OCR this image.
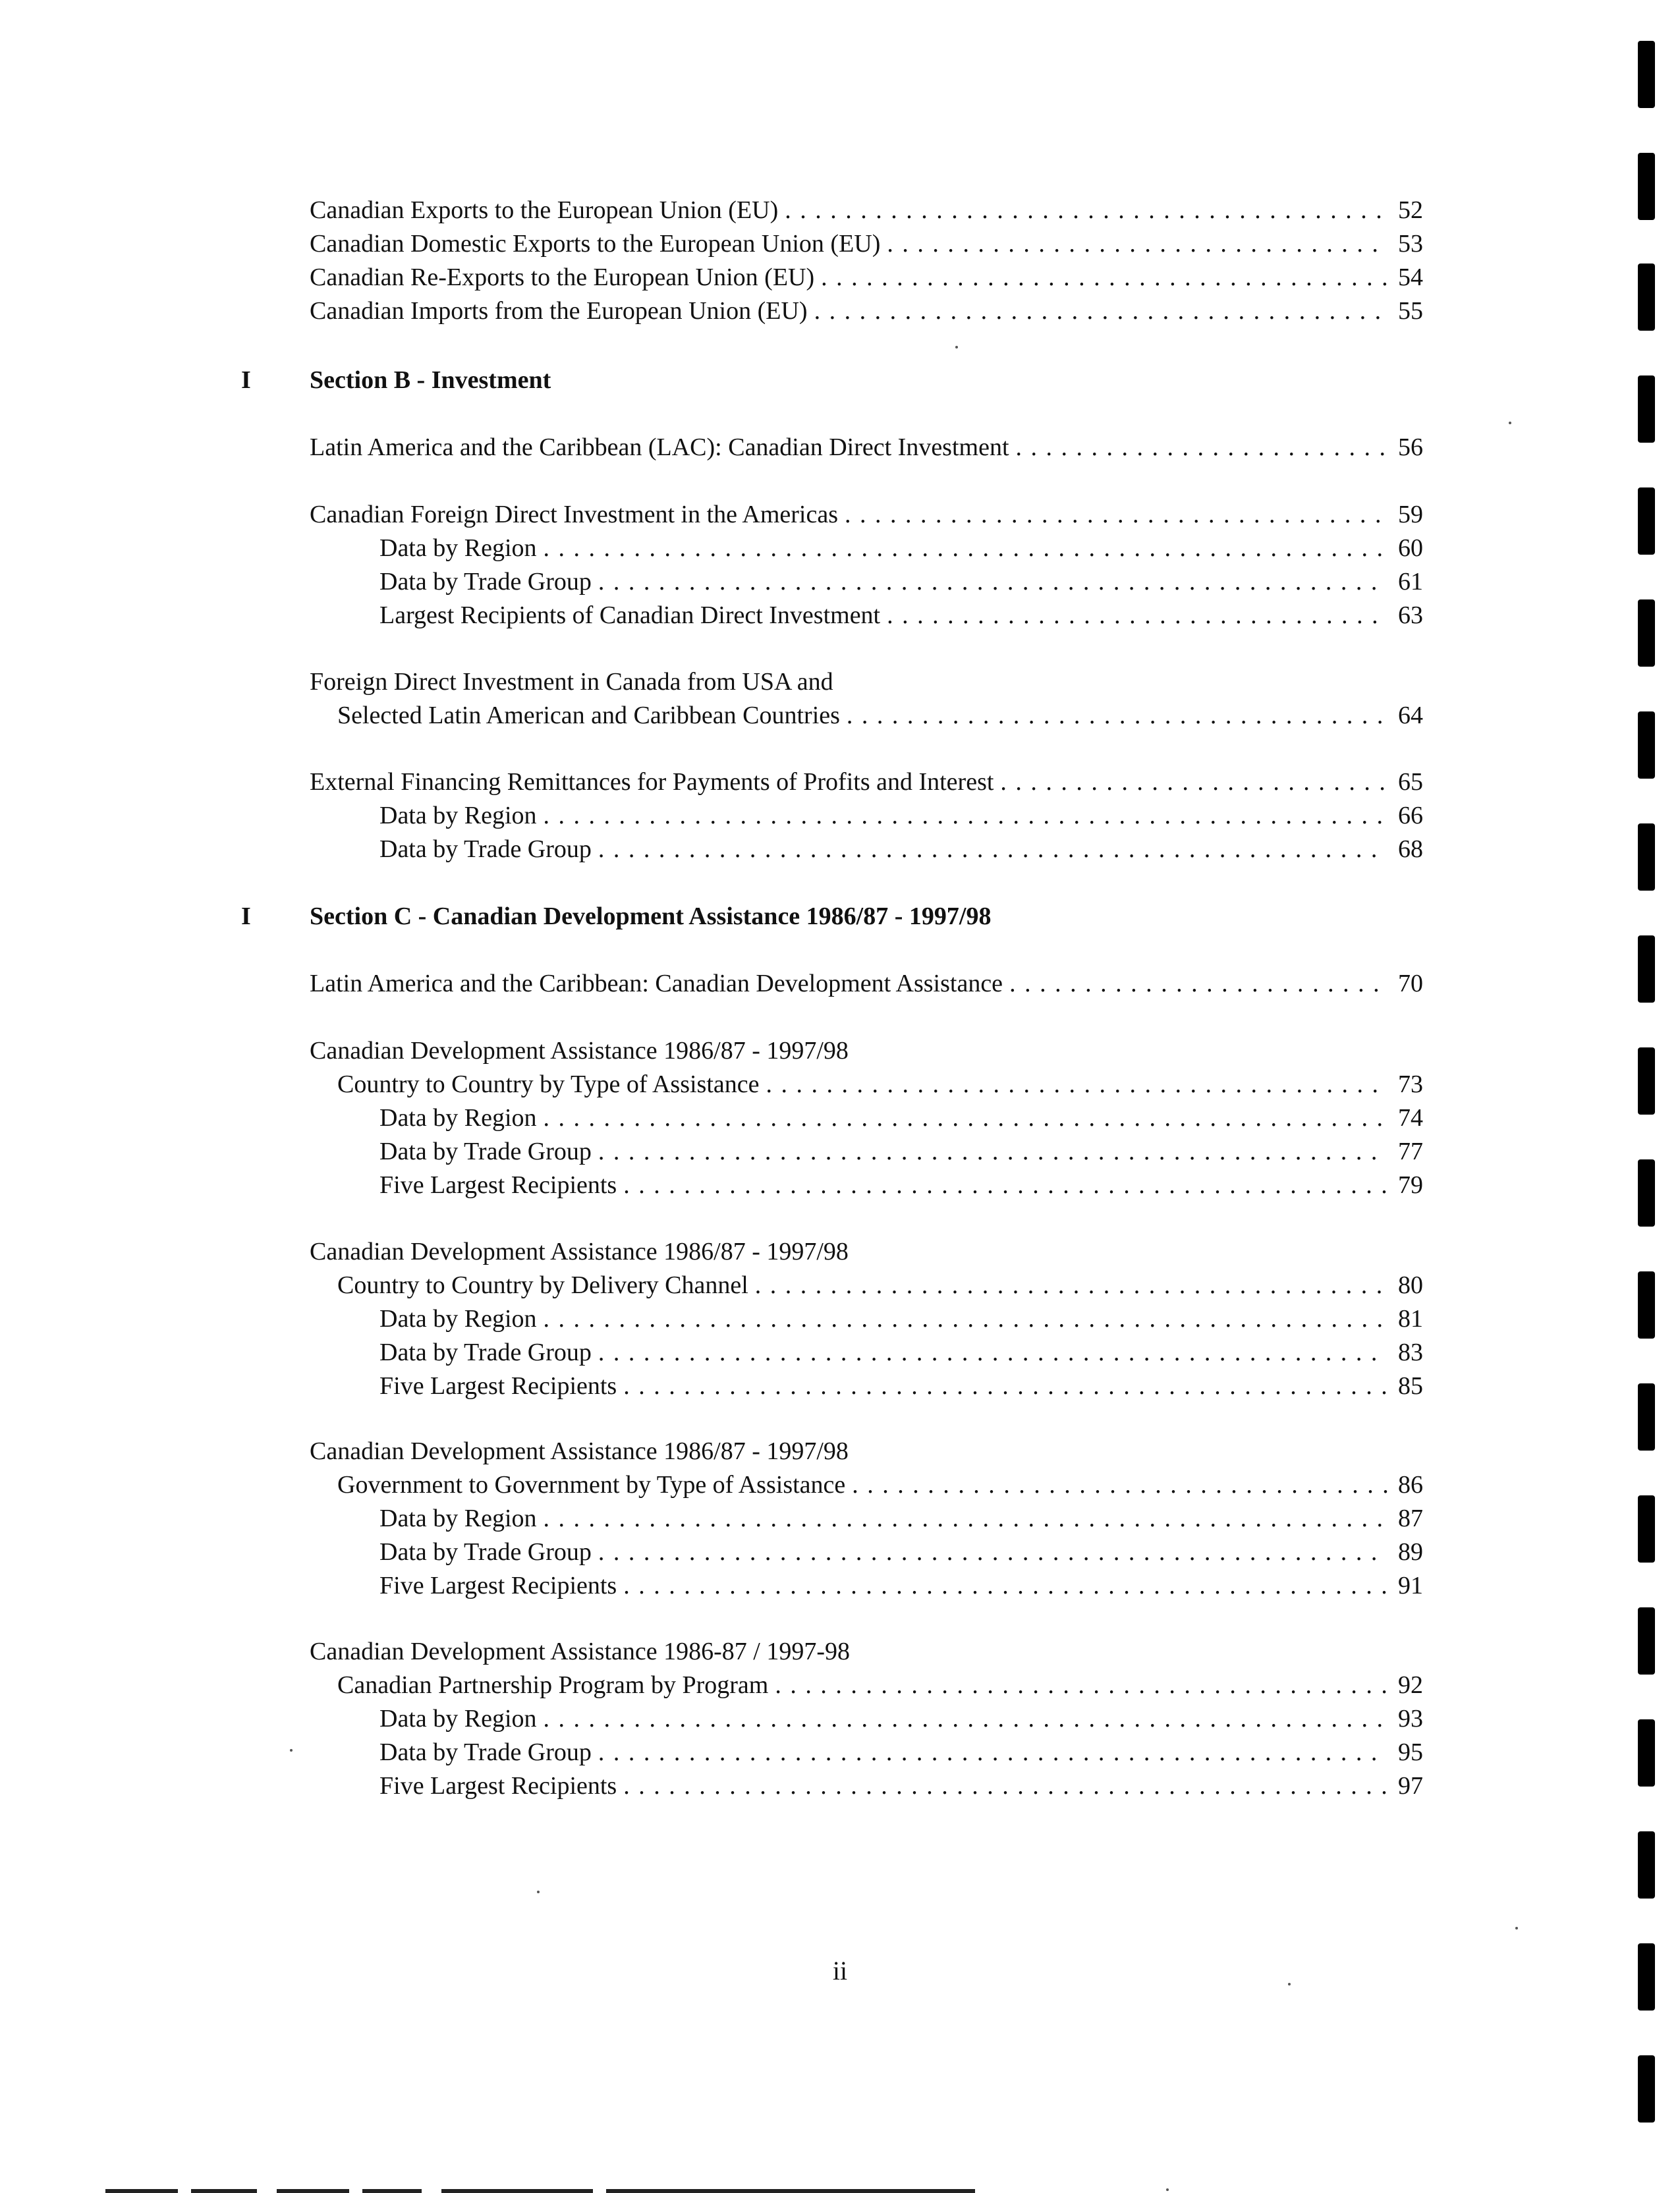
Canadian Exports to the European Union (EU) . . .	52
Canadian Domestic Exports to the European Union (EU) . . .	53
Canadian Re-Exports to the European Union (EU) . . .	54
Canadian Imports from the European Union (EU) . . .	55
I Section B - Investment
Latin America and the Caribbean (LAC): Canadian Direct Investment . . .	56
Canadian Foreign Direct Investment in the Americas . . .	59
Data by Region . . .	60
Data by Trade Group . . .	61
Largest Recipients of Canadian Direct Investment . . .	63
Foreign Direct Investment in Canada from USA and
Selected Latin American and Caribbean Countries . . .	64
External Financing Remittances for Payments of Profits and Interest . . .	65
Data by Region . . .	66
Data by Trade Group . . .	68
I Section C - Canadian Development Assistance 1986/87 - 1997/98
Latin America and the Caribbean: Canadian Development Assistance . . .	70
Canadian Development Assistance 1986/87 - 1997/98
Country to Country by Type of Assistance . . .	73
Data by Region . . .	74
Data by Trade Group . . .	77
Five Largest Recipients . . .	79
Canadian Development Assistance 1986/87 - 1997/98
Country to Country by Delivery Channel . . .	80
Data by Region . . .	81
Data by Trade Group . . .	83
Five Largest Recipients . . .	85
Canadian Development Assistance 1986/87 - 1997/98
Government to Government by Type of Assistance . . .	86
Data by Region . . .	87
Data by Trade Group . . .	89
Five Largest Recipients . . .	91
Canadian Development Assistance 1986-87 / 1997-98
Canadian Partnership Program by Program . . .	92
Data by Region . . .	93
Data by Trade Group . . .	95
Five Largest Recipients . . .	97
ii
